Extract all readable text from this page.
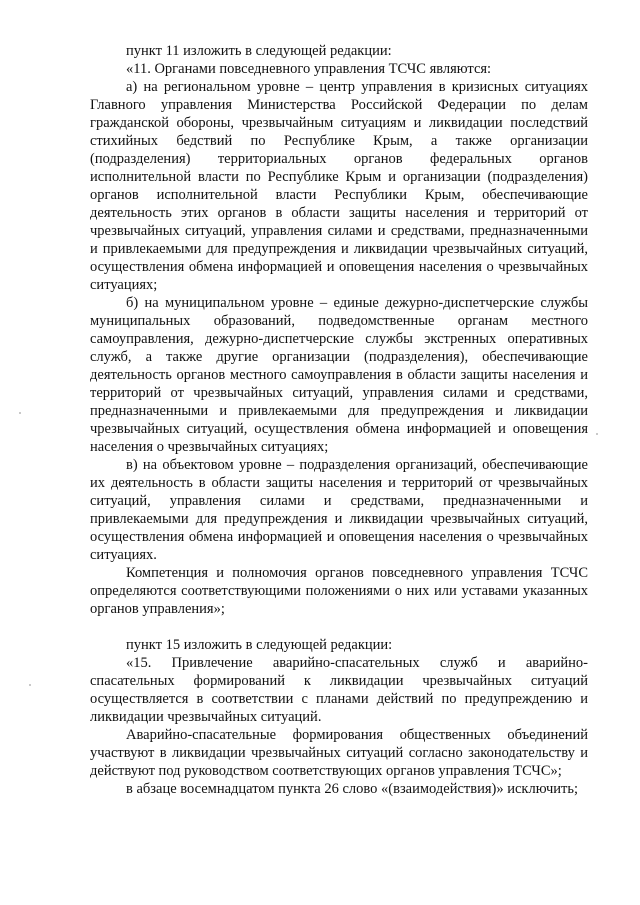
пункт 11 изложить в следующей редакции:

«11. Органами повседневного управления ТСЧС являются:

а) на региональном уровне – центр управления в кризисных ситуациях Главного управления Министерства Российской Федерации по делам гражданской обороны, чрезвычайным ситуациям и ликвидации последствий стихийных бедствий по Республике Крым, а также организации (подразделения) территориальных органов федеральных органов исполнительной власти по Республике Крым и организации (подразделения) органов исполнительной власти Республики Крым, обеспечивающие деятельность этих органов в области защиты населения и территорий от чрезвычайных ситуаций, управления силами и средствами, предназначенными и привлекаемыми для предупреждения и ликвидации чрезвычайных ситуаций, осуществления обмена информацией и оповещения населения о чрезвычайных ситуациях;

б) на муниципальном уровне – единые дежурно-диспетчерские службы муниципальных образований, подведомственные органам местного самоуправления, дежурно-диспетчерские службы экстренных оперативных служб, а также другие организации (подразделения), обеспечивающие деятельность органов местного самоуправления в области защиты населения и территорий от чрезвычайных ситуаций, управления силами и средствами, предназначенными и привлекаемыми для предупреждения и ликвидации чрезвычайных ситуаций, осуществления обмена информацией и оповещения населения о чрезвычайных ситуациях;

в) на объектовом уровне – подразделения организаций, обеспечивающие их деятельность в области защиты населения и территорий от чрезвычайных ситуаций, управления силами и средствами, предназначенными и привлекаемыми для предупреждения и ликвидации чрезвычайных ситуаций, осуществления обмена информацией и оповещения населения о чрезвычайных ситуациях.

Компетенция и полномочия органов повседневного управления ТСЧС определяются соответствующими положениями о них или уставами указанных органов управления»;

пункт 15 изложить в следующей редакции:

«15. Привлечение аварийно-спасательных служб и аварийно-спасательных формирований к ликвидации чрезвычайных ситуаций осуществляется в соответствии с планами действий по предупреждению и ликвидации чрезвычайных ситуаций.

Аварийно-спасательные формирования общественных объединений участвуют в ликвидации чрезвычайных ситуаций согласно законодательству и действуют под руководством соответствующих органов управления ТСЧС»;

в абзаце восемнадцатом пункта 26 слово «(взаимодействия)» исключить;
